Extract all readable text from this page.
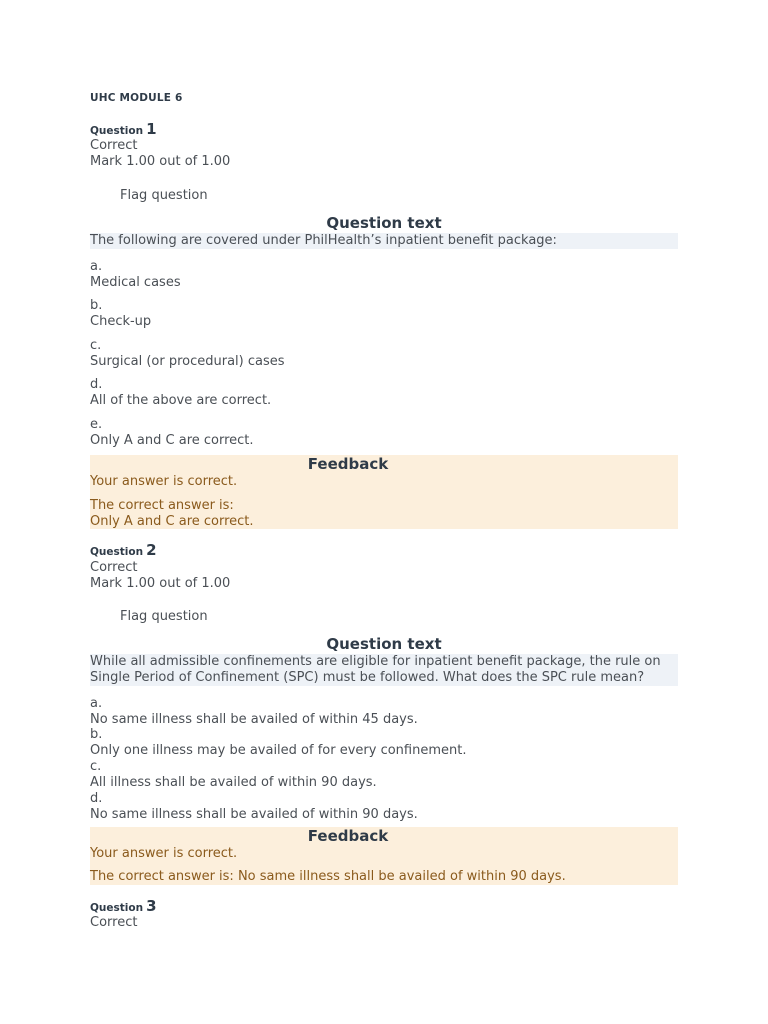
UHC MODULE 6
Question 1
Correct
Mark 1.00 out of 1.00
Flag question
Question text
The following are covered under PhilHealth’s inpatient benefit package:
a.
Medical cases
b.
Check-up
c.
Surgical (or procedural) cases
d.
All of the above are correct.
e.
Only A and C are correct.
Feedback
Your answer is correct.
The correct answer is:
Only A and C are correct.
Question 2
Correct
Mark 1.00 out of 1.00
Flag question
Question text
While all admissible confinements are eligible for inpatient benefit package, the rule on
Single Period of Confinement (SPC) must be followed. What does the SPC rule mean?
a.
No same illness shall be availed of within 45 days.
b.
Only one illness may be availed of for every confinement.
c.
All illness shall be availed of within 90 days.
d.
No same illness shall be availed of within 90 days.
Feedback
Your answer is correct.
The correct answer is: No same illness shall be availed of within 90 days.
Question 3
Correct
